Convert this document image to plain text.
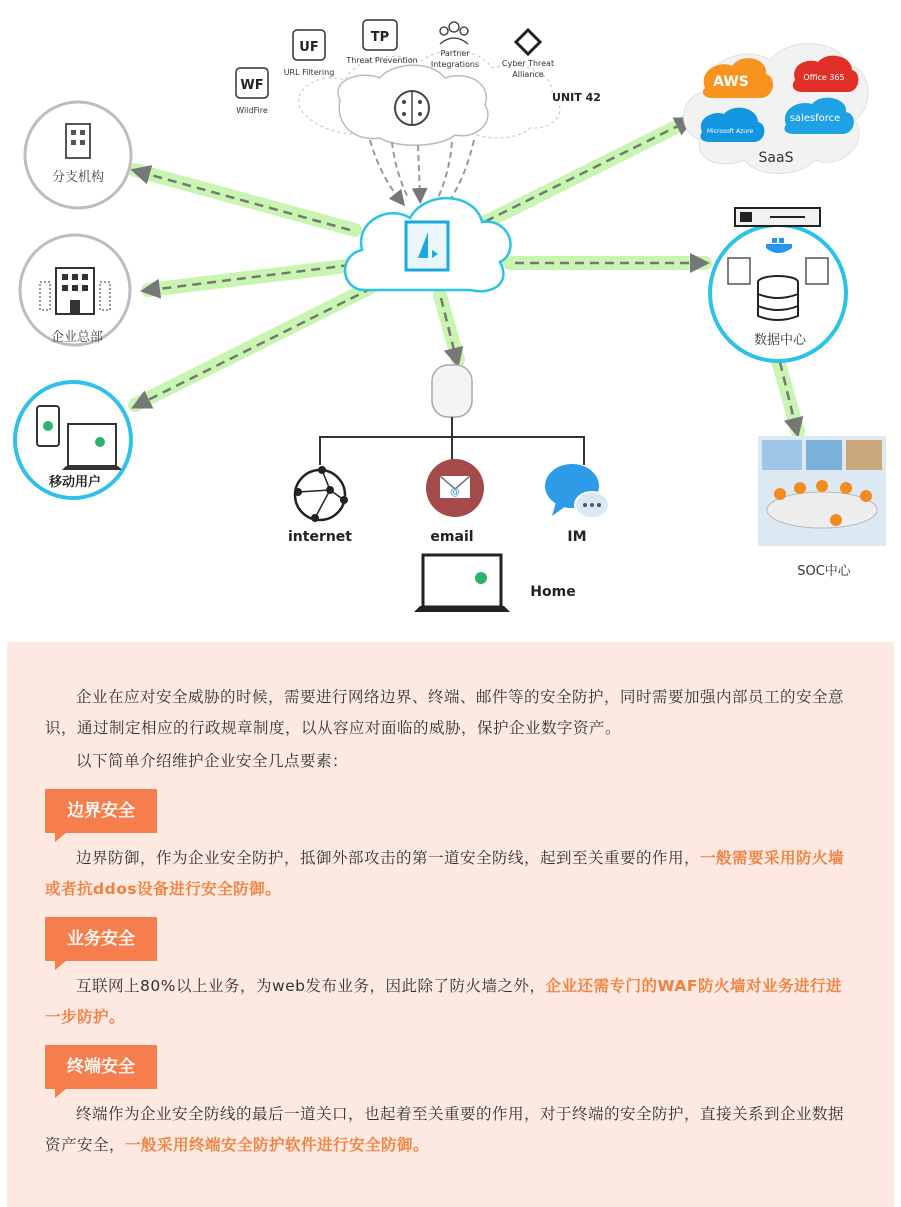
WF
WildFire
UF
URL Filtering
TP
Threat Prevention
Partner
Integrations	Cyber Threat
Alliance
UNIT 42
分支机构
企业总部
移动用户
AWS	Office 365
Microsoft Azure
salesforce
SaaS
数据中心
SOC中心
internet
@
email	IM
Home

企业在应对安全威胁的时候，需要进行网络边界、终端、邮件等的安全防护，同时需要加强内部员工的安全意识，通过制定相应的行政规章制度，以从容应对面临的威胁，保护企业数字资产。

以下简单介绍维护企业安全几点要素：

边界安全

边界防御，作为企业安全防护，抵御外部攻击的第一道安全防线，起到至关重要的作用，一般需要采用防火墙或者抗ddos设备进行安全防御。

业务安全

互联网上80%以上业务，为web发布业务，因此除了防火墙之外，企业还需专门的WAF防火墙对业务进行进一步防护。

终端安全

终端作为企业安全防线的最后一道关口，也起着至关重要的作用，对于终端的安全防护，直接关系到企业数据资产安全，一般采用终端安全防护软件进行安全防御。
